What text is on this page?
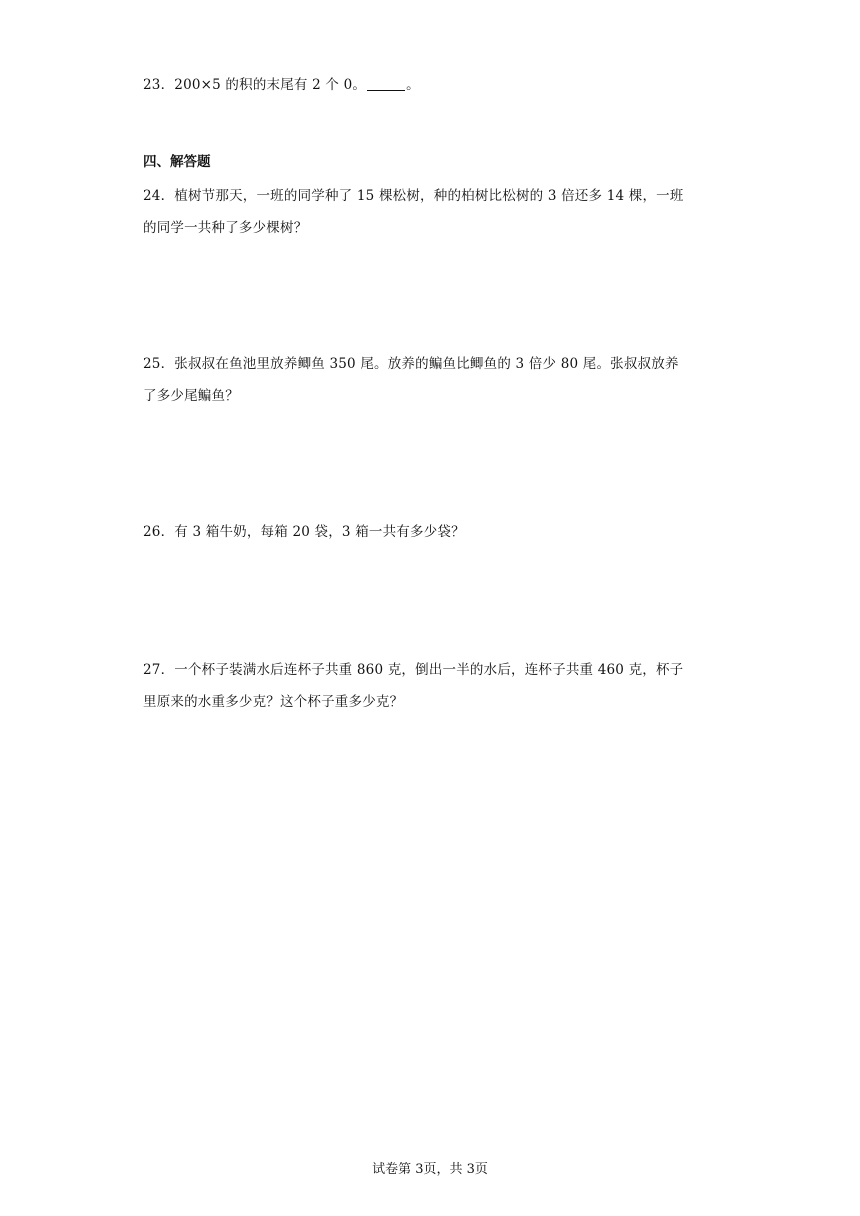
23．200×5 的积的末尾有 2 个 0。	。
四、解答题
24．植树节那天，一班的同学种了 15 棵松树，种的柏树比松树的 3 倍还多 14 棵，一班
的同学一共种了多少棵树？
25．张叔叔在鱼池里放养鲫鱼 350 尾。放养的鳊鱼比鲫鱼的 3 倍少 80 尾。张叔叔放养
了多少尾鳊鱼？
26．有 3 箱牛奶，每箱 20 袋，3 箱一共有多少袋？
27．一个杯子装满水后连杯子共重 860 克，倒出一半的水后，连杯子共重 460 克，杯子
里原来的水重多少克？这个杯子重多少克？
试卷第 3页，共 3页
